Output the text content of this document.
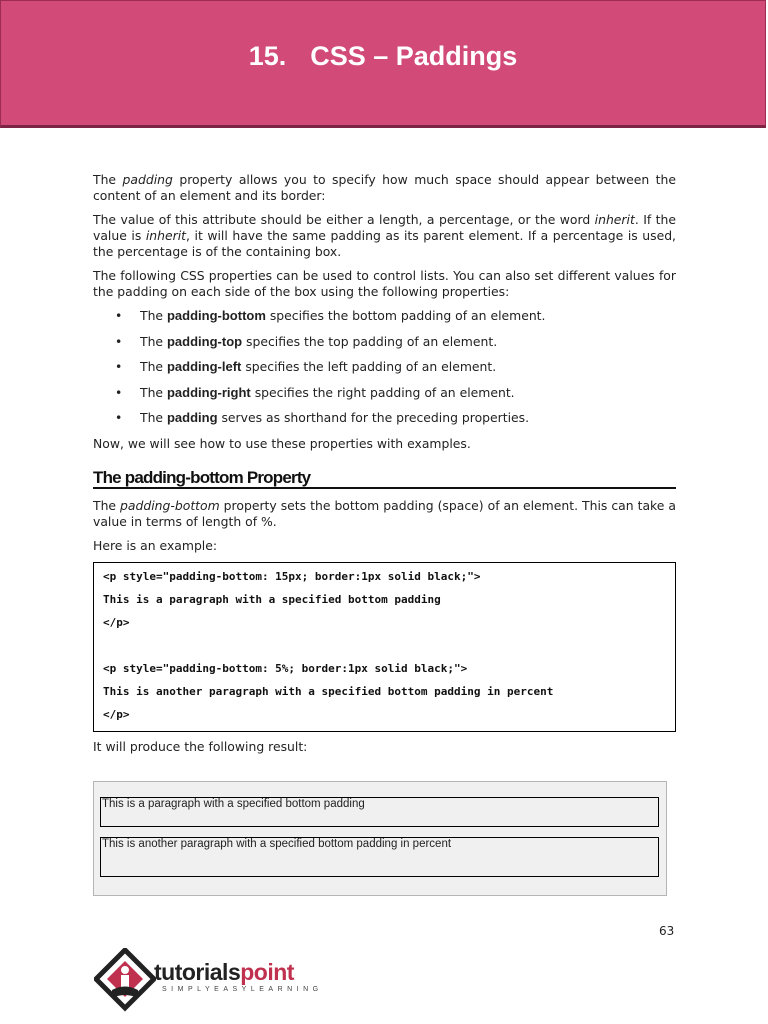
15. CSS – Paddings

The padding property allows you to specify how much space should appear between the content of an element and its border:

The value of this attribute should be either a length, a percentage, or the word inherit. If the value is inherit, it will have the same padding as its parent element. If a percentage is used, the percentage is of the containing box.

The following CSS properties can be used to control lists. You can also set different values for the padding on each side of the box using the following properties:

• The padding-bottom specifies the bottom padding of an element.
• The padding-top specifies the top padding of an element.
• The padding-left specifies the left padding of an element.
• The padding-right specifies the right padding of an element.
• The padding serves as shorthand for the preceding properties.

Now, we will see how to use these properties with examples.

The padding-bottom Property

The padding-bottom property sets the bottom padding (space) of an element. This can take a value in terms of length of %.

Here is an example:

<p style="padding-bottom: 15px; border:1px solid black;">
This is a paragraph with a specified bottom padding
</p>
<p style="padding-bottom: 5%; border:1px solid black;">
This is another paragraph with a specified bottom padding in percent
</p>

It will produce the following result:

This is a paragraph with a specified bottom padding
This is another paragraph with a specified bottom padding in percent
63
tutorialspoint
SIMPLYEASYLEARNING
